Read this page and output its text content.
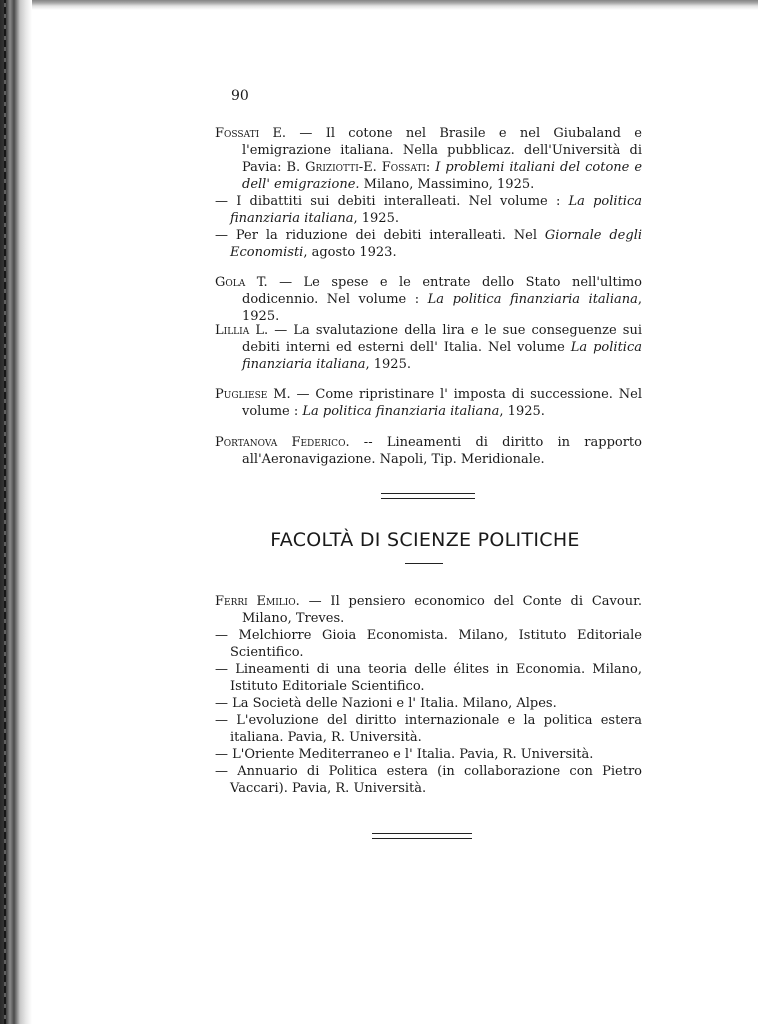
90

Fossati E. — Il cotone nel Brasile e nel Giubaland e l'emigrazione italiana. Nella pubblicaz. dell'Università di Pavia: B. Griziotti-E. Fossati: I problemi italiani del cotone e dell' emigrazione. Milano, Massimino, 1925.

— I dibattiti sui debiti interalleati. Nel volume : La politica finanziaria italiana, 1925.

— Per la riduzione dei debiti interalleati. Nel Giornale degli Economisti, agosto 1923.

Gola T. — Le spese e le entrate dello Stato nell'ultimo dodicennio. Nel volume : La politica finanziaria italiana, 1925.

Lillia L. — La svalutazione della lira e le sue conseguenze sui debiti interni ed esterni dell' Italia. Nel volume La politica finanziaria italiana, 1925.

Pugliese M. — Come ripristinare l' imposta di successione. Nel volume : La politica finanziaria italiana, 1925.

Portanova Federico. -- Lineamenti di diritto in rapporto all'Aeronavigazione. Napoli, Tip. Meridionale.

FACOLTÀ DI SCIENZE POLITICHE

Ferri Emilio. — Il pensiero economico del Conte di Cavour. Milano, Treves.

— Melchiorre Gioia Economista. Milano, Istituto Editoriale Scientifico.

— Lineamenti di una teoria delle élites in Economia. Milano, Istituto Editoriale Scientifico.

— La Società delle Nazioni e l' Italia. Milano, Alpes.

— L'evoluzione del diritto internazionale e la politica estera italiana. Pavia, R. Università.

— L'Oriente Mediterraneo e l' Italia. Pavia, R. Università.

— Annuario di Politica estera (in collaborazione con Pietro Vaccari). Pavia, R. Università.
